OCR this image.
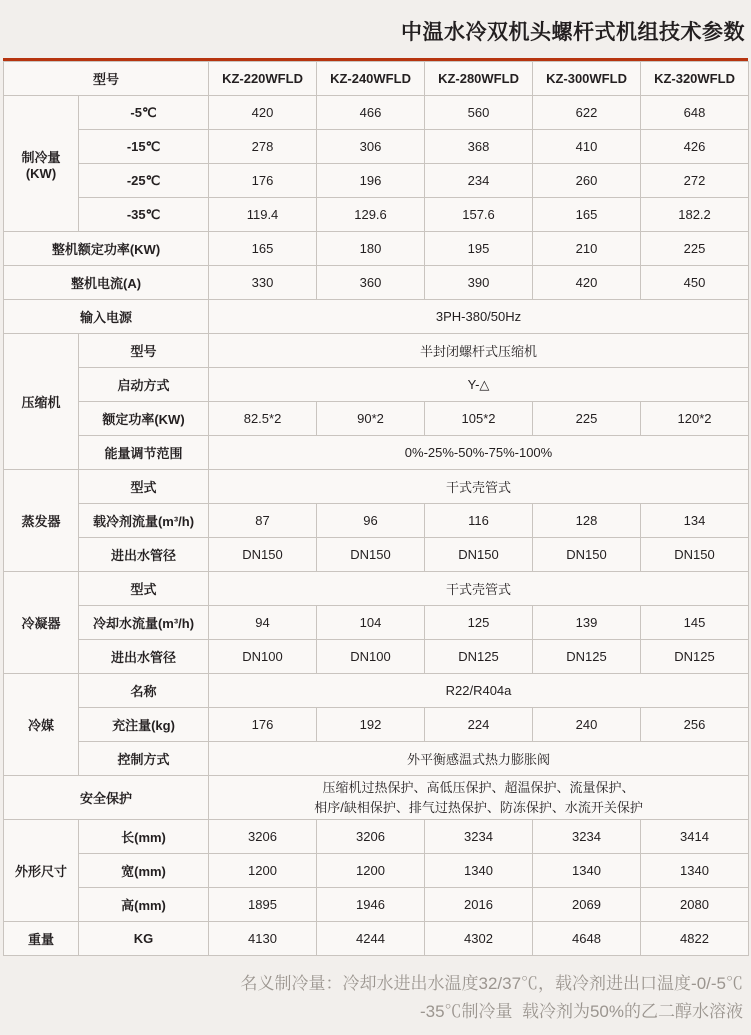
中温水冷双机头螺杆式机组技术参数
型号		KZ-220WFLD	KZ-240WFLD	KZ-280WFLD	KZ-300WFLD	KZ-320WFLD
制冷量(KW)	-5℃	420	466	560	622	648
	-15℃	278	306	368	410	426
	-25℃	176	196	234	260	272
	-35℃	119.4	129.6	157.6	165	182.2
整机额定功率(KW)		165	180	195	210	225
整机电流(A)		330	360	390	420	450
输入电源		3PH-380/50Hz				
压缩机	型号	半封闭螺杆式压缩机				
	启动方式	Y-△				
	额定功率(KW)	82.5*2	90*2	105*2	225	120*2
	能量调节范围	0%-25%-50%-75%-100%				
蒸发器	型式	干式壳管式				
	载冷剂流量(m³/h)	87	96	116	128	134
	进出水管径	DN150	DN150	DN150	DN150	DN150
冷凝器	型式	干式壳管式				
	冷却水流量(m³/h)	94	104	125	139	145
	进出水管径	DN100	DN100	DN125	DN125	DN125
冷媒	名称	R22/R404a				
	充注量(kg)	176	192	224	240	256
	控制方式	外平衡感温式热力膨胀阀				
安全保护		压缩机过热保护、高低压保护、超温保护、流量保护、
相序/缺相保护、排气过热保护、防冻保护、水流开关保护				

外形尺寸	长(mm)	3206	3206	3234	3234	3414
	宽(mm)	1200	1200	1340	1340	1340
	高(mm)	1895	1946	2016	2069	2080
重量	KG	4130	4244	4302	4648	4822
名义制冷量：冷却水进出水温度32/37℃，载冷剂进出口温度-0/-5℃
-35℃制冷量  载冷剂为50%的乙二醇水溶液
